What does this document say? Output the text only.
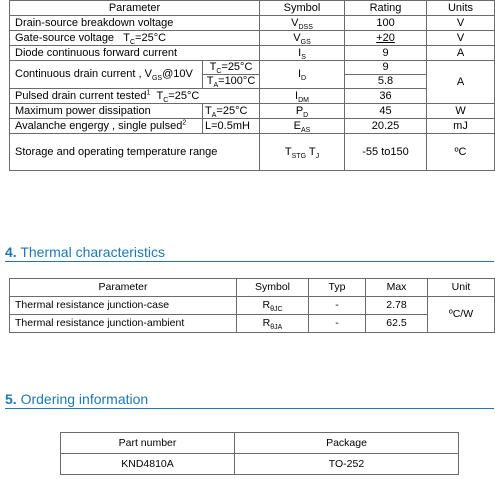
Parameter		Symbol	Rating	Units
Drain-source breakdown voltage		$V_{DSS}$	100	V
Gate-source voltage $T_C=25^\circ C$		$V_{GS}$	+20	V
Diode continuous forward current		$I_S$	9	A
Continuous drain current , $V_{GS}@10V$	$T_C=25^\circ C$	$I_D$	9	A
	$T_A=100^\circ C$		5.8	
Pulsed drain current tested$^1$ $T_C=25^\circ C$		$I_{DM}$	36	
Maximum power dissipation	$T_A=25^\circ C$	$P_D$	45	W
Avalanche engergy , single pulsed$^2$	L=0.5mH	$E_{AS}$	20.25	mJ
Storage and operating temperature range		$T_{STG}$ $T_J$	-55 to150	ºC
4. Thermal characteristics
Parameter	Symbol	Typ	Max	Unit
Thermal resistance junction-case	$R_{\theta JC}$	-	2.78	ºC/W
Thermal resistance junction-ambient	$R_{\theta JA}$	-	62.5	
5. Ordering information
Part number	Package
KND4810A	TO-252
